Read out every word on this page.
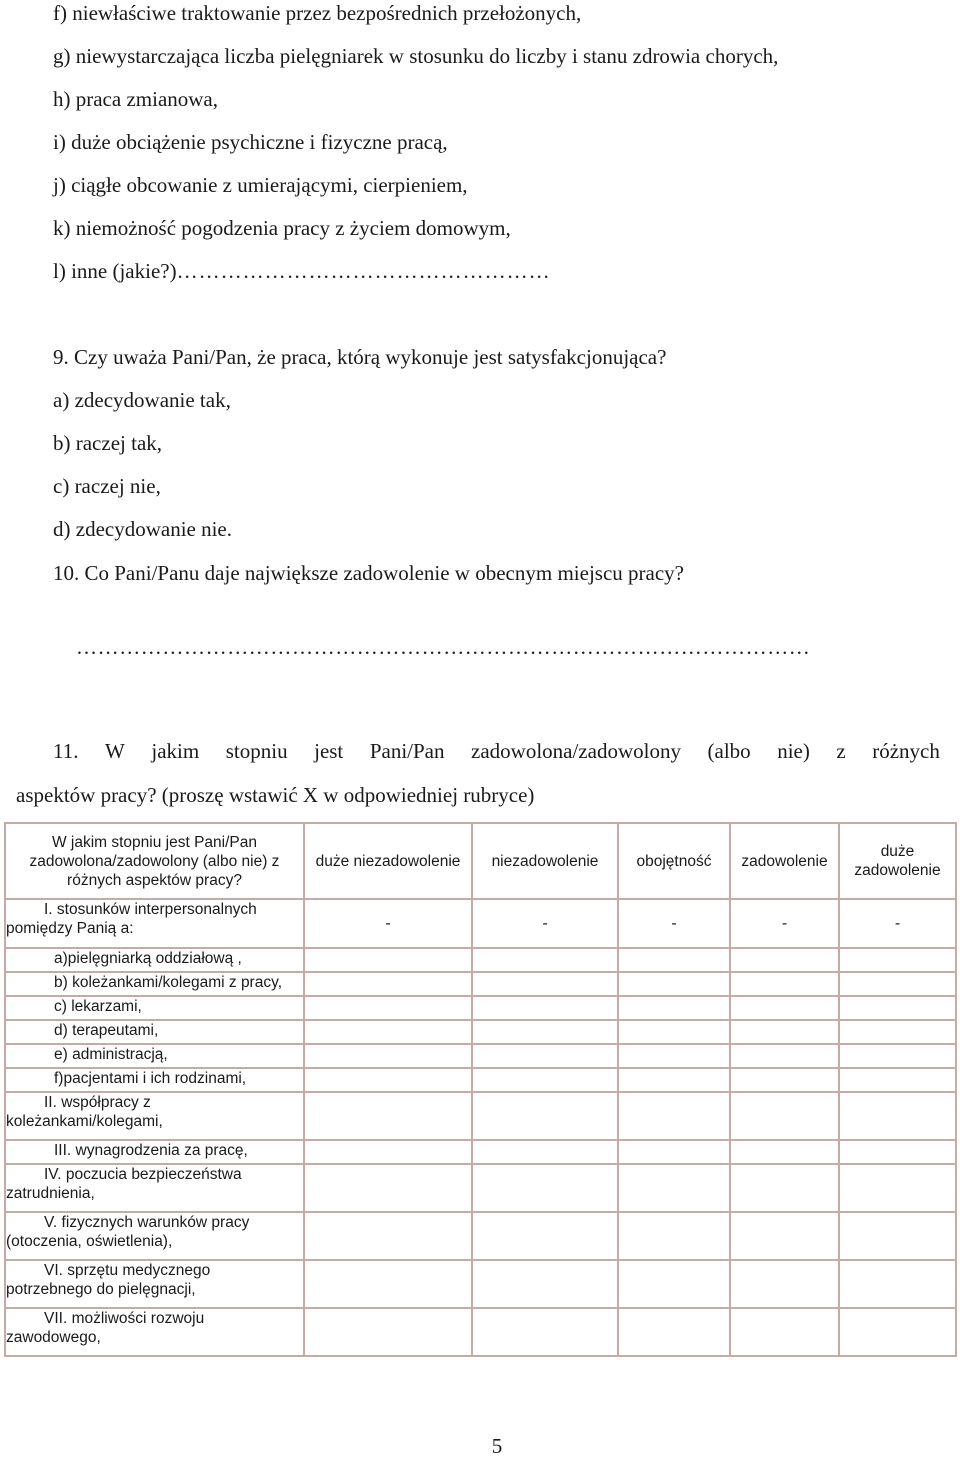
f) niewłaściwe traktowanie przez bezpośrednich przełożonych,
g) niewystarczająca liczba pielęgniarek w stosunku do liczby i stanu zdrowia chorych,
h) praca zmianowa,
i) duże obciążenie psychiczne i fizyczne pracą,
j) ciągłe obcowanie z umierającymi, cierpieniem,
k) niemożność pogodzenia pracy z życiem domowym,
l) inne (jakie?)……………………………………………
9. Czy uważa Pani/Pan, że praca, którą wykonuje jest satysfakcjonująca?
a) zdecydowanie tak,
b) raczej tak,
c) raczej nie,
d) zdecydowanie nie.
10. Co Pani/Panu daje największe zadowolenie w obecnym miejscu pracy?
…………………………………………………………………………………………
11. W jakim stopniu jest Pani/Pan zadowolona/zadowolony (albo nie) z różnych
aspektów pracy? (proszę wstawić X w odpowiedniej rubryce)
W jakim stopniu jest Pani/Pan zadowolona/zadowolony (albo nie) z różnych aspektów pracy?	duże niezadowolenie	niezadowolenie	obojętność	zadowolenie	duże zadowolenie

I. stosunków interpersonalnych
pomiędzy Panią a:	-	-	-	-	-
a)pielęgniarką oddziałową ,					
b) koleżankami/kolegami z pracy,					
c) lekarzami,					
d) terapeutami,					
e) administracją,					
f)pacjentami i ich rodzinami,					

II. współpracy z
koleżankami/kolegami,					
III. wynagrodzenia za pracę,					

IV. poczucia bezpieczeństwa
zatrudnienia,					

V. fizycznych warunków pracy
(otoczenia, oświetlenia),					

VI. sprzętu medycznego
potrzebnego do pielęgnacji,					

VII. możliwości rozwoju
zawodowego,					
5
